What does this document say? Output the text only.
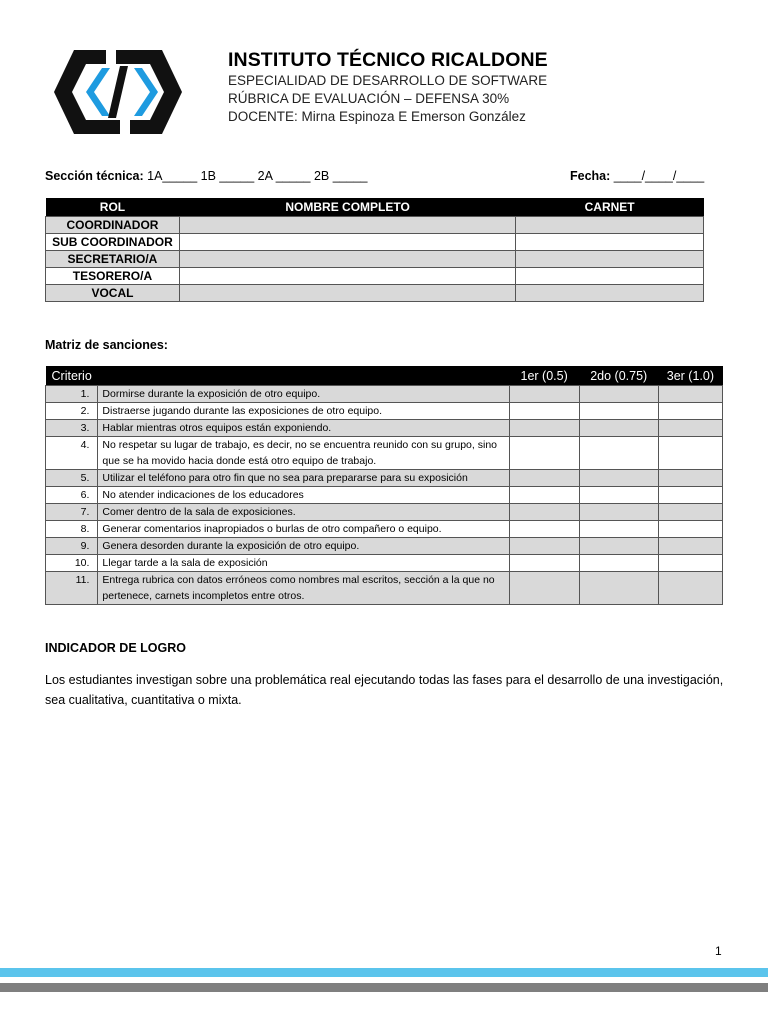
INSTITUTO TÉCNICO RICALDONE
ESPECIALIDAD DE DESARROLLO DE SOFTWARE
RÚBRICA DE EVALUACIÓN – DEFENSA 30%
DOCENTE: Mirna Espinoza E Emerson González
Sección técnica: 1A_____ 1B _____ 2A _____ 2B _____	Fecha: ____/____/____
ROL	NOMBRE COMPLETO	CARNET
COORDINADOR		
SUB COORDINADOR		
SECRETARIO/A		
TESORERO/A		
VOCAL		
Matriz de sanciones:
Criterio		1er (0.5)	2do (0.75)	3er (1.0)
1.	Dormirse durante la exposición de otro equipo.			
2.	Distraerse jugando durante las exposiciones de otro equipo.			
3.	Hablar mientras otros equipos están exponiendo.			
4.	No respetar su lugar de trabajo, es decir, no se encuentra reunido con su grupo, sino que se ha movido hacia donde está otro equipo de trabajo.			
5.	Utilizar el teléfono para otro fin que no sea para prepararse para su exposición			
6.	No atender indicaciones de los educadores			
7.	Comer dentro de la sala de exposiciones.			
8.	Generar comentarios inapropiados o burlas de otro compañero o equipo.			
9.	Genera desorden durante la exposición de otro equipo.			
10.	Llegar tarde a la sala de exposición			
11.	Entrega rubrica con datos erróneos como nombres mal escritos, sección a la que no pertenece, carnets incompletos entre otros.			
INDICADOR DE LOGRO
Los estudiantes investigan sobre una problemática real ejecutando todas las fases para el desarrollo de una investigación, sea cualitativa, cuantitativa o mixta.
1
